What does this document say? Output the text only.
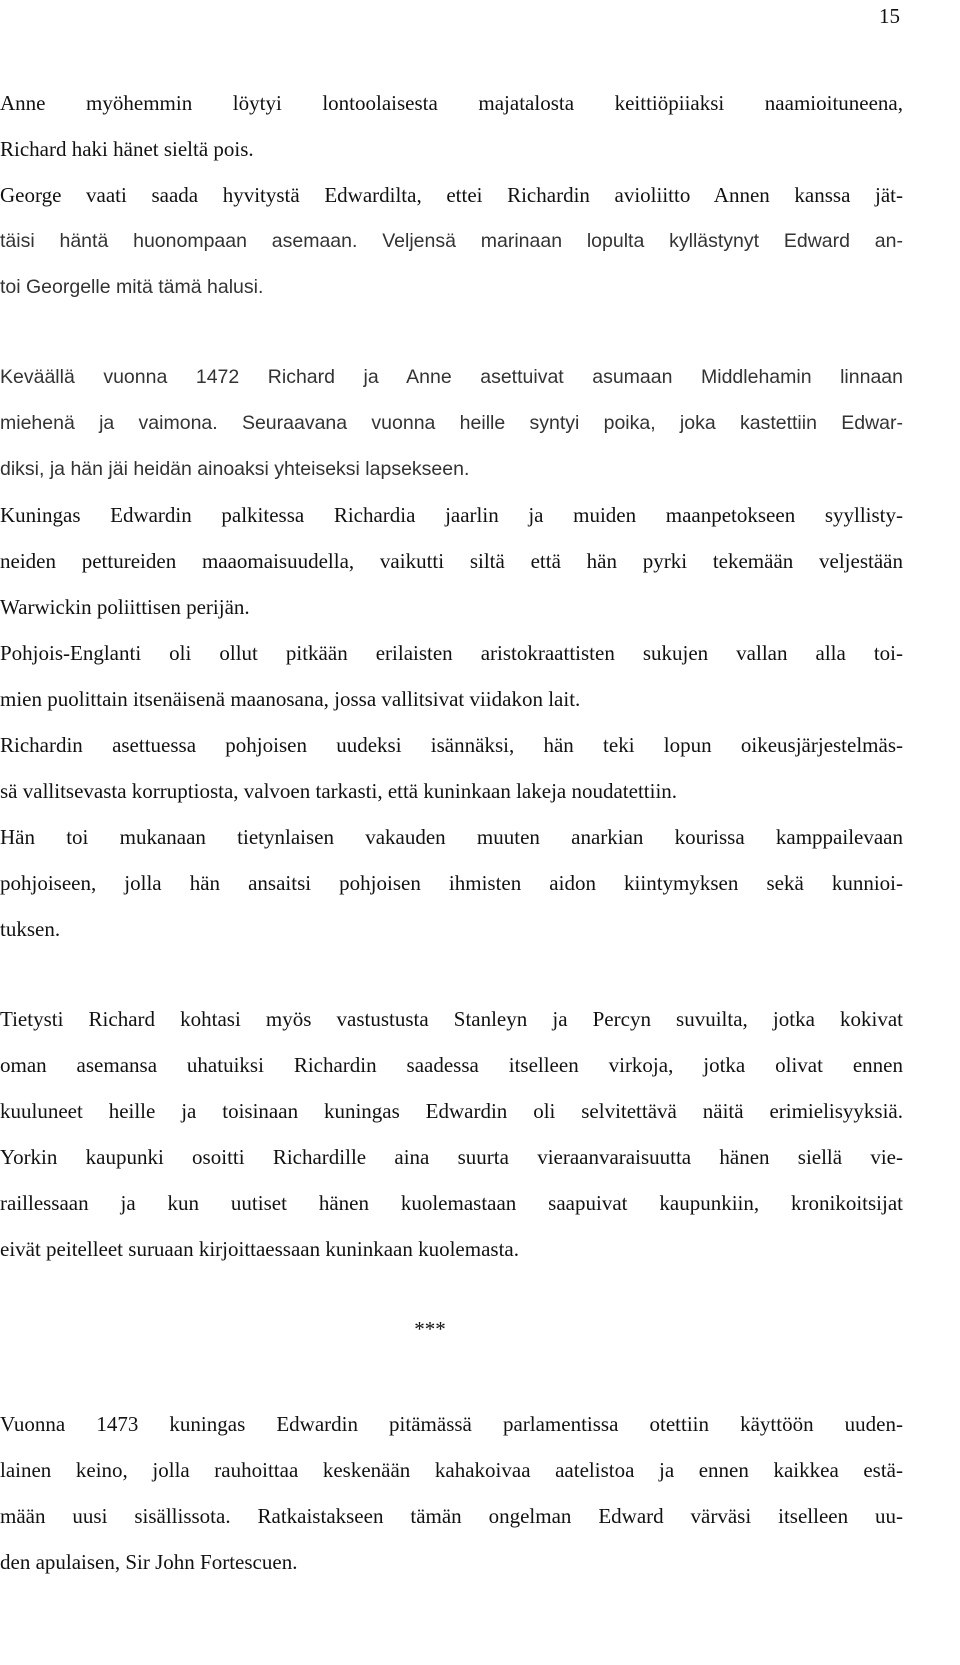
15
Anne myöhemmin löytyi lontoolaisesta majatalosta keittiöpiiaksi naamioituneena,
Richard haki hänet sieltä pois.
George vaati saada hyvitystä Edwardilta, ettei Richardin avioliitto Annen kanssa jät-
täisi häntä huonompaan asemaan. Veljensä marinaan lopulta kyllästynyt Edward an-
toi Georgelle mitä tämä halusi.
Keväällä vuonna 1472 Richard ja Anne asettuivat asumaan Middlehamin linnaan
miehenä ja vaimona. Seuraavana vuonna heille syntyi poika, joka kastettiin Edwar-
diksi, ja hän jäi heidän ainoaksi yhteiseksi lapsekseen.
Kuningas Edwardin palkitessa Richardia jaarlin ja muiden maanpetokseen syyllisty-
neiden pettureiden maaomaisuudella, vaikutti siltä että hän pyrki tekemään veljestään
Warwickin poliittisen perijän.
Pohjois-Englanti oli ollut pitkään erilaisten aristokraattisten sukujen vallan alla toi-
mien puolittain itsenäisenä maanosana, jossa vallitsivat viidakon lait.
Richardin asettuessa pohjoisen uudeksi isännäksi, hän teki lopun oikeusjärjestelmäs-
sä vallitsevasta korruptiosta, valvoen tarkasti, että kuninkaan lakeja noudatettiin.
Hän toi mukanaan tietynlaisen vakauden muuten anarkian kourissa kamppailevaan
pohjoiseen, jolla hän ansaitsi pohjoisen ihmisten aidon kiintymyksen sekä kunnioi-
tuksen.
Tietysti Richard kohtasi myös vastustusta Stanleyn ja Percyn suvuilta, jotka kokivat
oman asemansa uhatuiksi Richardin saadessa itselleen virkoja, jotka olivat ennen
kuuluneet heille ja toisinaan kuningas Edwardin oli selvitettävä näitä erimielisyyksiä.
Yorkin kaupunki osoitti Richardille aina suurta vieraanvaraisuutta hänen siellä vie-
raillessaan ja kun uutiset hänen kuolemastaan saapuivat kaupunkiin, kronikoitsijat
eivät peitelleet suruaan kirjoittaessaan kuninkaan kuolemasta.
***
Vuonna 1473 kuningas Edwardin pitämässä parlamentissa otettiin käyttöön uuden-
lainen keino, jolla rauhoittaa keskenään kahakoivaa aatelistoa ja ennen kaikkea estä-
mään uusi sisällissota. Ratkaistakseen tämän ongelman Edward värväsi itselleen uu-
den apulaisen, Sir John Fortescuen.
